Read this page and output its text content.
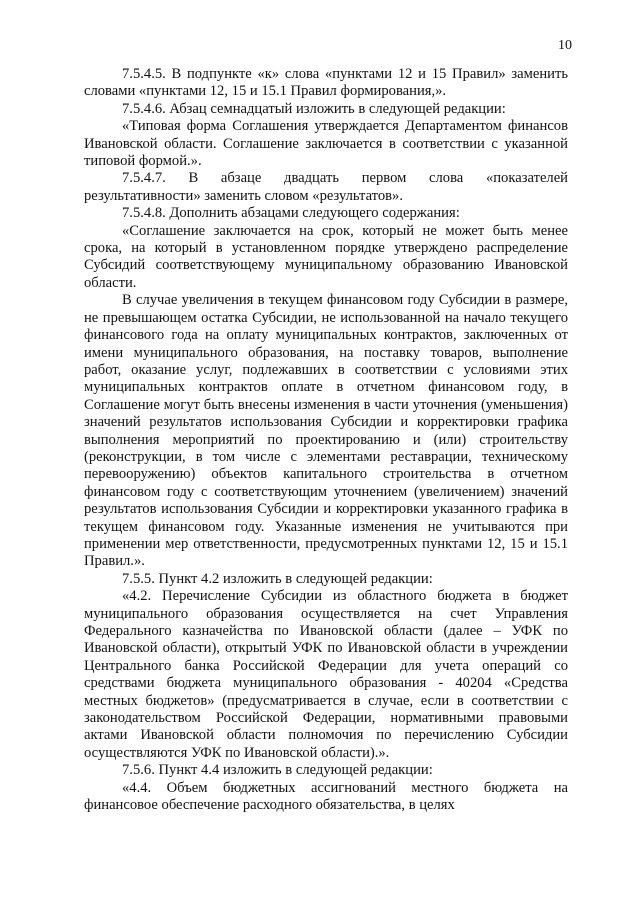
10

7.5.4.5. В подпункте «к» слова «пунктами 12 и 15 Правил» заменить словами «пунктами 12, 15 и 15.1 Правил формирования,».

7.5.4.6. Абзац семнадцатый изложить в следующей редакции:

«Типовая форма Соглашения утверждается Департаментом финансов Ивановской области. Соглашение заключается в соответствии с указанной типовой формой.».

7.5.4.7. В абзаце двадцать первом слова «показателей результативности» заменить словом «результатов».

7.5.4.8. Дополнить абзацами следующего содержания:

«Соглашение заключается на срок, который не может быть менее срока, на который в установленном порядке утверждено распределение Субсидий соответствующему муниципальному образованию Ивановской области.

В случае увеличения в текущем финансовом году Субсидии в размере, не превышающем остатка Субсидии, не использованной на начало текущего финансового года на оплату муниципальных контрактов, заключенных от имени муниципального образования, на поставку товаров, выполнение работ, оказание услуг, подлежавших в соответствии с условиями этих муниципальных контрактов оплате в отчетном финансовом году, в Соглашение могут быть внесены изменения в части уточнения (уменьшения) значений результатов использования Субсидии и корректировки графика выполнения мероприятий по проектированию и (или) строительству (реконструкции, в том числе с элементами реставрации, техническому перевооружению) объектов капитального строительства в отчетном финансовом году с соответствующим уточнением (увеличением) значений результатов использования Субсидии и корректировки указанного графика в текущем финансовом году. Указанные изменения не учитываются при применении мер ответственности, предусмотренных пунктами 12, 15 и 15.1 Правил.».

7.5.5. Пункт 4.2 изложить в следующей редакции:

«4.2. Перечисление Субсидии из областного бюджета в бюджет муниципального образования осуществляется на счет Управления Федерального казначейства по Ивановской области (далее – УФК по Ивановской области), открытый УФК по Ивановской области в учреждении Центрального банка Российской Федерации для учета операций со средствами бюджета муниципального образования - 40204 «Средства местных бюджетов» (предусматривается в случае, если в соответствии с законодательством Российской Федерации, нормативными правовыми актами Ивановской области полномочия по перечислению Субсидии осуществляются УФК по Ивановской области).».

7.5.6. Пункт 4.4 изложить в следующей редакции:

«4.4. Объем бюджетных ассигнований местного бюджета на финансовое обеспечение расходного обязательства, в целях
